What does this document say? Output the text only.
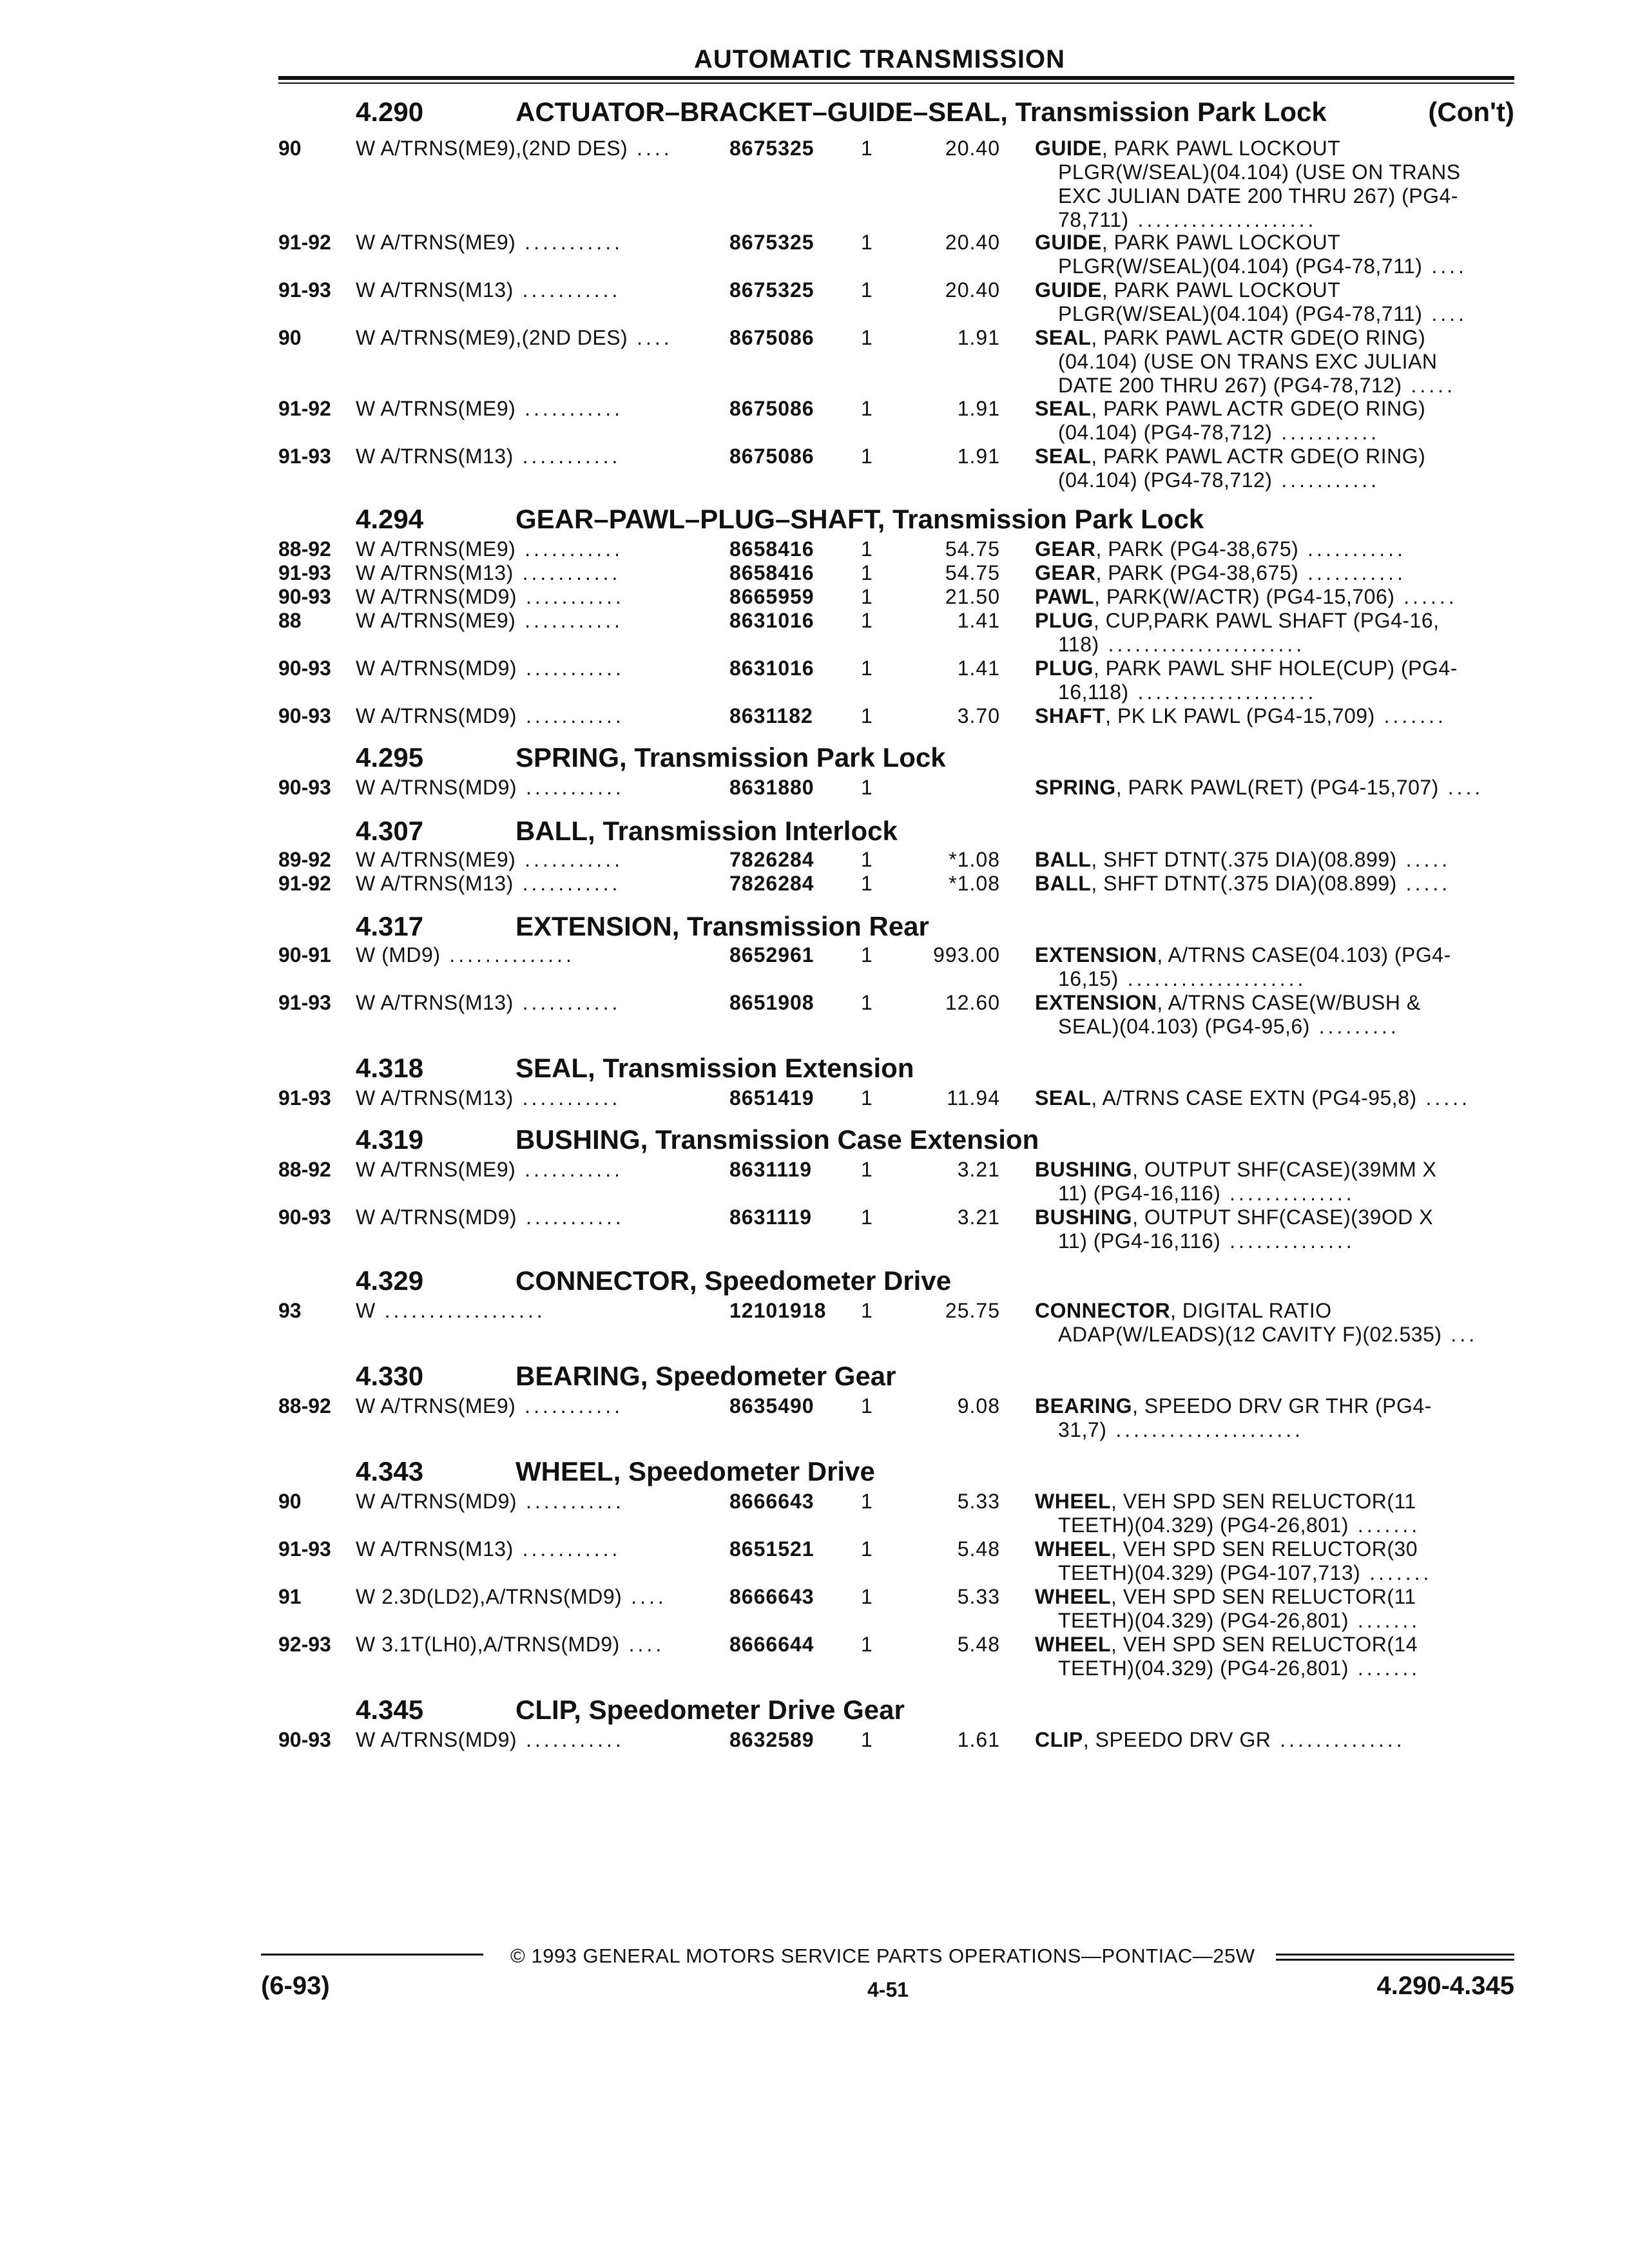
AUTOMATIC TRANSMISSION
4.290	ACTUATOR–BRACKET–GUIDE–SEAL, Transmission Park Lock	(Con't)
90	W A/TRNS(ME9),(2ND DES) ....	8675325 1	20.40 GUIDE, PARK PAWL LOCKOUT
PLGR(W/SEAL)(04.104) (USE ON TRANS
EXC JULIAN DATE 200 THRU 267) (PG4-
78,711) ....................
91-92 W A/TRNS(ME9) ...........	8675325 1	20.40 GUIDE, PARK PAWL LOCKOUT
PLGR(W/SEAL)(04.104) (PG4-78,711) ....
91-93 W A/TRNS(M13) ...........	8675325 1	20.40 GUIDE, PARK PAWL LOCKOUT
PLGR(W/SEAL)(04.104) (PG4-78,711) ....
90	W A/TRNS(ME9),(2ND DES) ....	8675086 1	1.91 SEAL, PARK PAWL ACTR GDE(O RING)
(04.104) (USE ON TRANS EXC JULIAN
DATE 200 THRU 267) (PG4-78,712) .....
91-92 W A/TRNS(ME9) ...........	8675086 1	1.91 SEAL, PARK PAWL ACTR GDE(O RING)
(04.104) (PG4-78,712) ...........
91-93 W A/TRNS(M13) ...........	8675086 1	1.91 SEAL, PARK PAWL ACTR GDE(O RING)
(04.104) (PG4-78,712) ...........
4.294	GEAR–PAWL–PLUG–SHAFT, Transmission Park Lock
88-92 W A/TRNS(ME9) ...........	8658416 1	54.75 GEAR, PARK (PG4-38,675) ...........
91-93 W A/TRNS(M13) ...........	8658416 1	54.75 GEAR, PARK (PG4-38,675) ...........
90-93 W A/TRNS(MD9) ...........	8665959 1	21.50 PAWL, PARK(W/ACTR) (PG4-15,706) ......
88	W A/TRNS(ME9) ...........	8631016 1	1.41 PLUG, CUP,PARK PAWL SHAFT (PG4-16,
118) ......................
90-93 W A/TRNS(MD9) ...........	8631016 1	1.41 PLUG, PARK PAWL SHF HOLE(CUP) (PG4-
16,118) ....................
90-93 W A/TRNS(MD9) ...........	8631182 1	3.70 SHAFT, PK LK PAWL (PG4-15,709) .......
4.295	SPRING, Transmission Park Lock
90-93 W A/TRNS(MD9) ...........	8631880 1	SPRING, PARK PAWL(RET) (PG4-15,707) ....
4.307	BALL, Transmission Interlock
89-92 W A/TRNS(ME9) ...........	7826284 1	*1.08 BALL, SHFT DTNT(.375 DIA)(08.899) .....
91-92 W A/TRNS(M13) ...........	7826284 1	*1.08 BALL, SHFT DTNT(.375 DIA)(08.899) .....
4.317	EXTENSION, Transmission Rear
90-91 W (MD9) ..............	8652961 1	993.00 EXTENSION, A/TRNS CASE(04.103) (PG4-
16,15) ....................
91-93 W A/TRNS(M13) ...........	8651908 1	12.60 EXTENSION, A/TRNS CASE(W/BUSH &
SEAL)(04.103) (PG4-95,6) .........
4.318	SEAL, Transmission Extension
91-93 W A/TRNS(M13) ...........	8651419 1	11.94 SEAL, A/TRNS CASE EXTN (PG4-95,8) .....
4.319	BUSHING, Transmission Case Extension
88-92 W A/TRNS(ME9) ...........	8631119 1	3.21 BUSHING, OUTPUT SHF(CASE)(39MM X
11) (PG4-16,116) ..............
90-93 W A/TRNS(MD9) ...........	8631119 1	3.21 BUSHING, OUTPUT SHF(CASE)(39OD X
11) (PG4-16,116) ..............
4.329	CONNECTOR, Speedometer Drive
93	W ..................	12101918 1	25.75 CONNECTOR, DIGITAL RATIO
ADAP(W/LEADS)(12 CAVITY F)(02.535) ...
4.330	BEARING, Speedometer Gear
88-92 W A/TRNS(ME9) ...........	8635490 1	9.08 BEARING, SPEEDO DRV GR THR (PG4-
31,7) .....................
4.343	WHEEL, Speedometer Drive
90	W A/TRNS(MD9) ...........	8666643 1	5.33 WHEEL, VEH SPD SEN RELUCTOR(11
TEETH)(04.329) (PG4-26,801) .......
91-93 W A/TRNS(M13) ...........	8651521 1	5.48 WHEEL, VEH SPD SEN RELUCTOR(30
TEETH)(04.329) (PG4-107,713) .......
91	W 2.3D(LD2),A/TRNS(MD9) ....	8666643 1	5.33 WHEEL, VEH SPD SEN RELUCTOR(11
TEETH)(04.329) (PG4-26,801) .......
92-93 W 3.1T(LH0),A/TRNS(MD9) ....	8666644 1	5.48 WHEEL, VEH SPD SEN RELUCTOR(14
TEETH)(04.329) (PG4-26,801) .......
4.345	CLIP, Speedometer Drive Gear
90-93 W A/TRNS(MD9) ...........	8632589 1	1.61 CLIP, SPEEDO DRV GR ..............
© 1993 GENERAL MOTORS SERVICE PARTS OPERATIONS—PONTIAC—25W
(6-93)	4-51	4.290-4.345
